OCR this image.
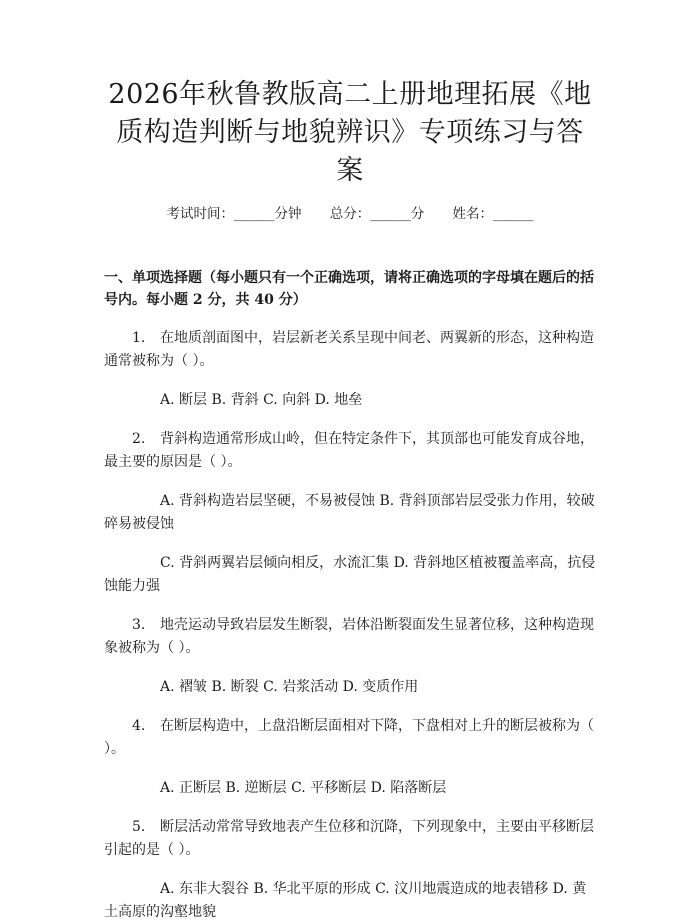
2026年秋鲁教版高二上册地理拓展《地质构造判断与地貌辨识》专项练习与答案
考试时间：______分钟 总分：______分 姓名：______
一、单项选择题（每小题只有一个正确选项，请将正确选项的字母填在题后的括号内。每小题 2 分，共 40 分）
1. 在地质剖面图中，岩层新老关系呈现中间老、两翼新的形态，这种构造通常被称为（ ）。
A. 断层 B. 背斜 C. 向斜 D. 地垒
2. 背斜构造通常形成山岭，但在特定条件下，其顶部也可能发育成谷地，最主要的原因是（ ）。
A. 背斜构造岩层坚硬，不易被侵蚀 B. 背斜顶部岩层受张力作用，较破碎易被侵蚀
C. 背斜两翼岩层倾向相反，水流汇集 D. 背斜地区植被覆盖率高，抗侵蚀能力强
3. 地壳运动导致岩层发生断裂，岩体沿断裂面发生显著位移，这种构造现象被称为（ ）。
A. 褶皱 B. 断裂 C. 岩浆活动 D. 变质作用
4. 在断层构造中，上盘沿断层面相对下降，下盘相对上升的断层被称为（ ）。
A. 正断层 B. 逆断层 C. 平移断层 D. 陷落断层
5. 断层活动常常导致地表产生位移和沉降，下列现象中，主要由平移断层引起的是（ ）。
A. 东非大裂谷 B. 华北平原的形成 C. 汶川地震造成的地表错移 D. 黄土高原的沟壑地貌
